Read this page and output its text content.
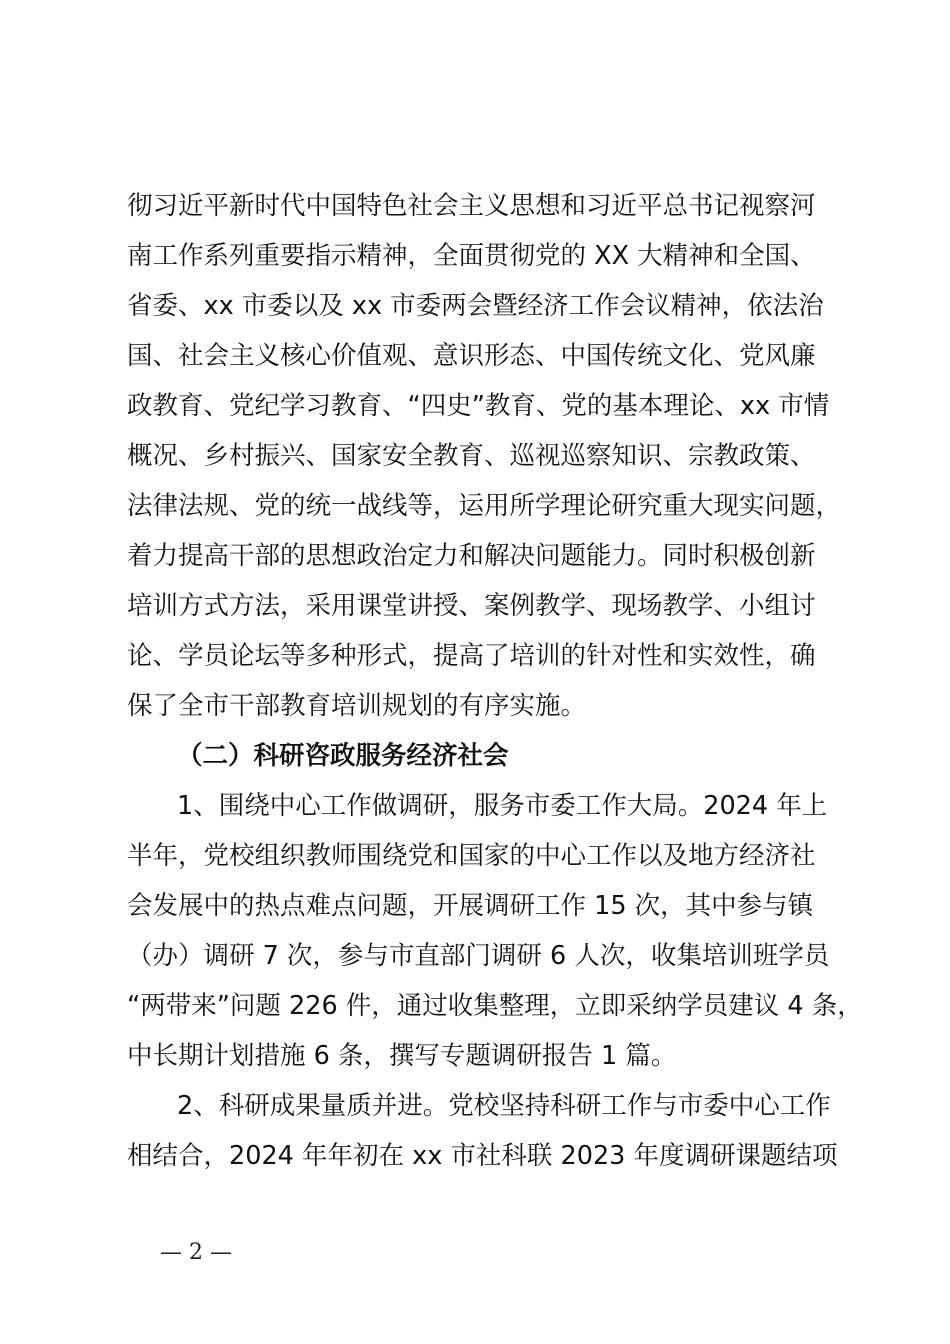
彻习近平新时代中国特色社会主义思想和习近平总书记视察河
南工作系列重要指示精神，全面贯彻党的 XX 大精神和全国、
省委、xx 市委以及 xx 市委两会暨经济工作会议精神，依法治
国、社会主义核心价值观、意识形态、中国传统文化、党风廉
政教育、党纪学习教育、“四史”教育、党的基本理论、xx 市情
概况、乡村振兴、国家安全教育、巡视巡察知识、宗教政策、
法律法规、党的统一战线等，运用所学理论研究重大现实问题，
着力提高干部的思想政治定力和解决问题能力。同时积极创新
培训方式方法，采用课堂讲授、案例教学、现场教学、小组讨
论、学员论坛等多种形式，提高了培训的针对性和实效性，确
保了全市干部教育培训规划的有序实施。
（二）科研咨政服务经济社会
1、围绕中心工作做调研，服务市委工作大局。2024 年上
半年，党校组织教师围绕党和国家的中心工作以及地方经济社
会发展中的热点难点问题，开展调研工作 15 次，其中参与镇
（办）调研 7 次，参与市直部门调研 6 人次，收集培训班学员
“两带来”问题 226 件，通过收集整理，立即采纳学员建议 4 条，
中长期计划措施 6 条，撰写专题调研报告 1 篇。
2、科研成果量质并进。党校坚持科研工作与市委中心工作
相结合，2024 年年初在 xx 市社科联 2023 年度调研课题结项
— 2 —
